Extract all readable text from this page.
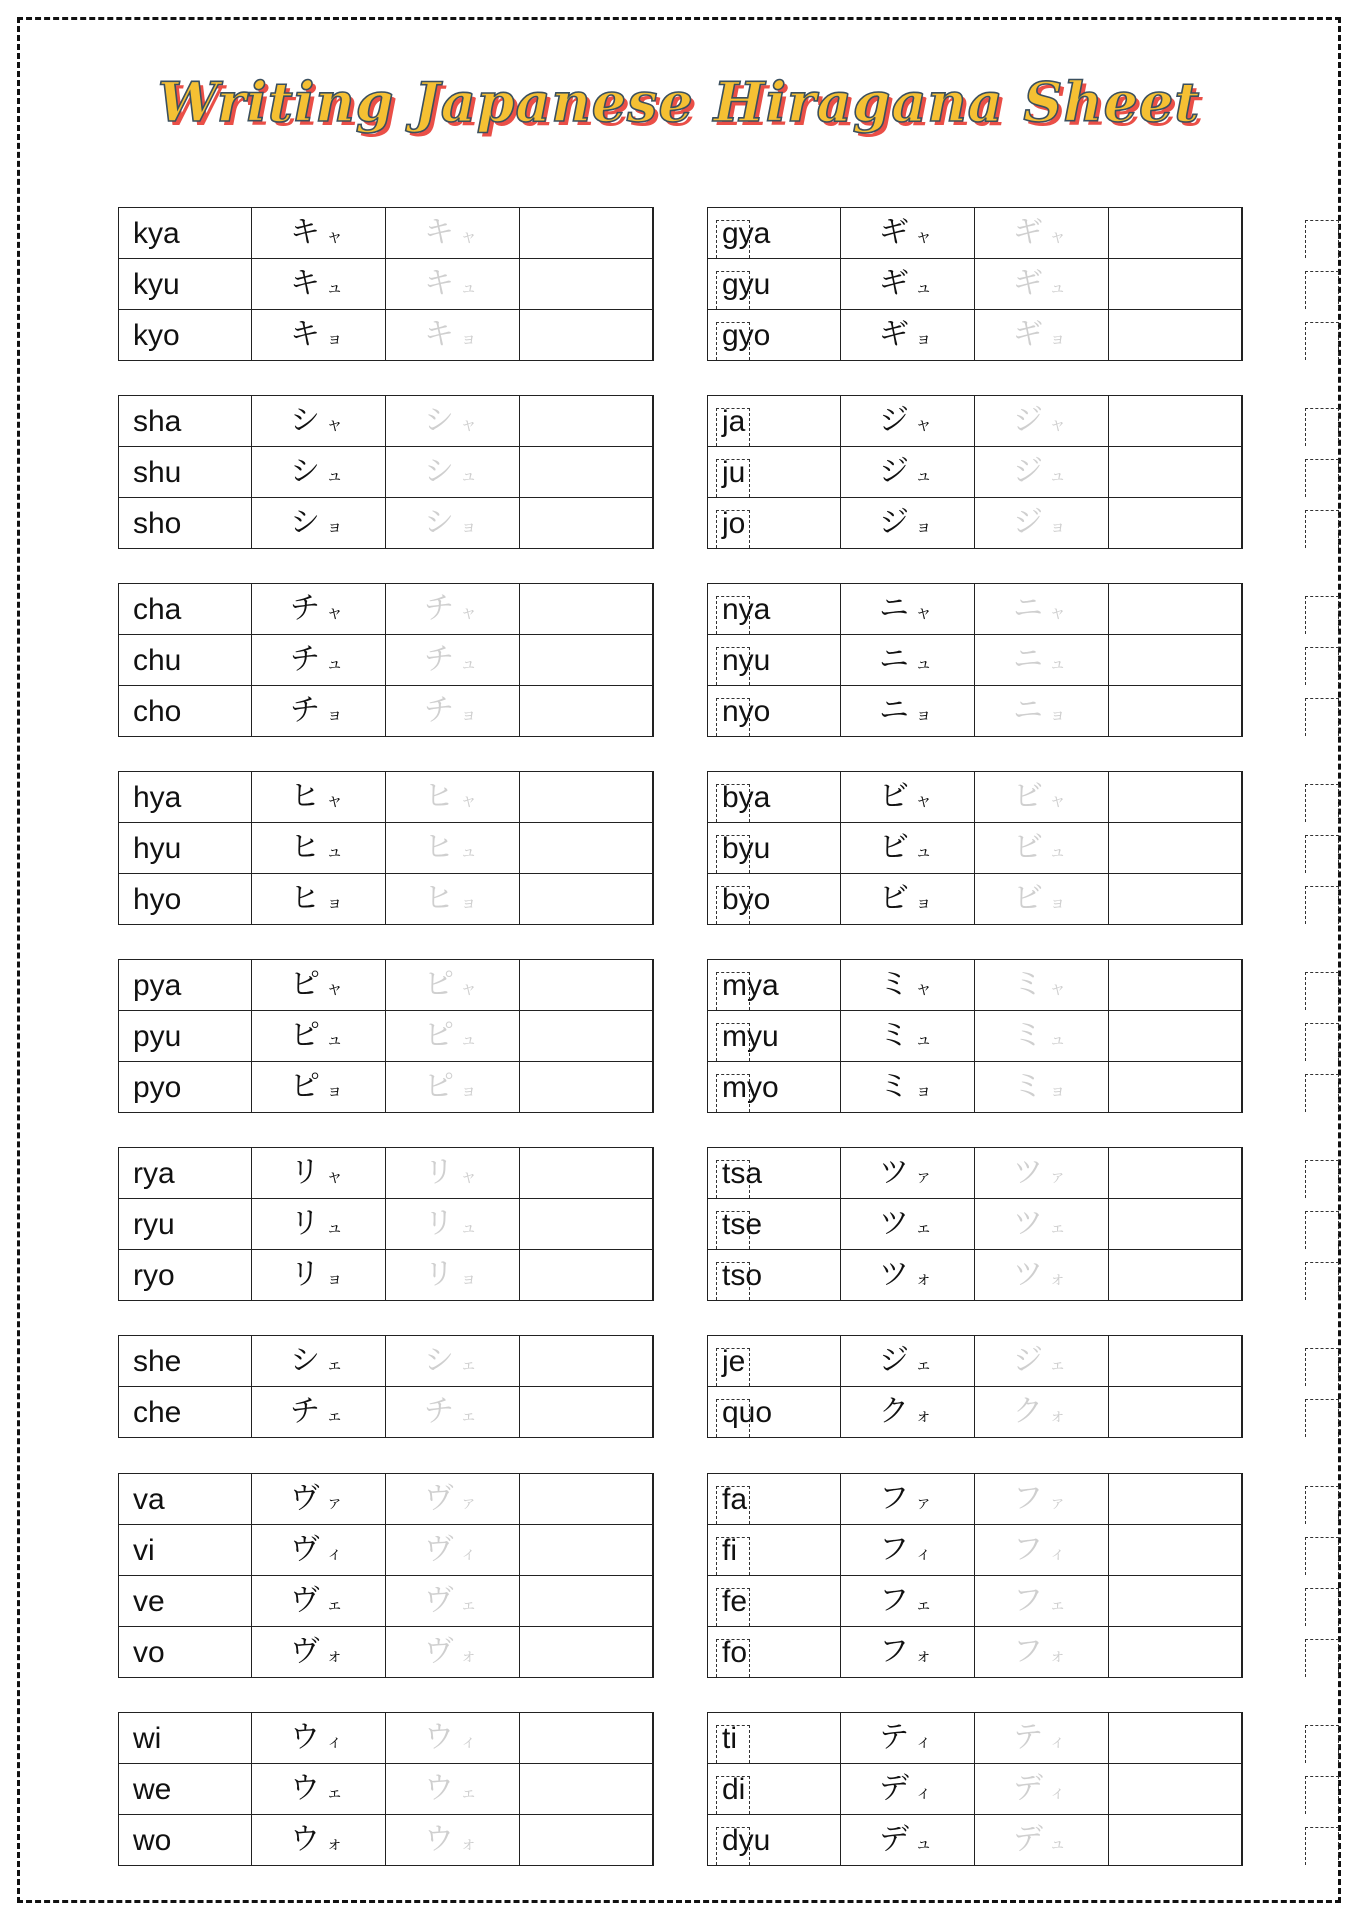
Writing Japanese Hiragana Sheet
kya	キャ	キャ
kyu	キュ	キュ
kyo	キョ	キョ
sha	シャ	シャ
shu	シュ	シュ
sho	ショ	ショ
cha	チャ	チャ
chu	チュ	チュ
cho	チョ	チョ
hya	ヒャ	ヒャ
hyu	ヒュ	ヒュ
hyo	ヒョ	ヒョ
pya	ピャ	ピャ
pyu	ピュ	ピュ
pyo	ピョ	ピョ
rya	リャ	リャ
ryu	リュ	リュ
ryo	リョ	リョ
she	シェ	シェ
che	チェ	チェ
va	ヴァ	ヴァ
vi	ヴィ	ヴィ
ve	ヴェ	ヴェ
vo	ヴォ	ヴォ
wi	ウィ	ウィ
we	ウェ	ウェ
wo	ウォ	ウォ
gya	ギャ	ギャ
gyu	ギュ	ギュ
gyo	ギョ	ギョ
ja	ジャ	ジャ
ju	ジュ	ジュ
jo	ジョ	ジョ
nya	ニャ	ニャ
nyu	ニュ	ニュ
nyo	ニョ	ニョ
bya	ビャ	ビャ
byu	ビュ	ビュ
byo	ビョ	ビョ
mya	ミャ	ミャ
myu	ミュ	ミュ
myo	ミョ	ミョ
tsa	ツァ	ツァ
tse	ツェ	ツェ
tso	ツォ	ツォ
je	ジェ	ジェ
quo	クォ	クォ
fa	ファ	ファ
fi	フィ	フィ
fe	フェ	フェ
fo	フォ	フォ
ti	ティ	ティ
di	ディ	ディ
dyu	デュ	デュ
